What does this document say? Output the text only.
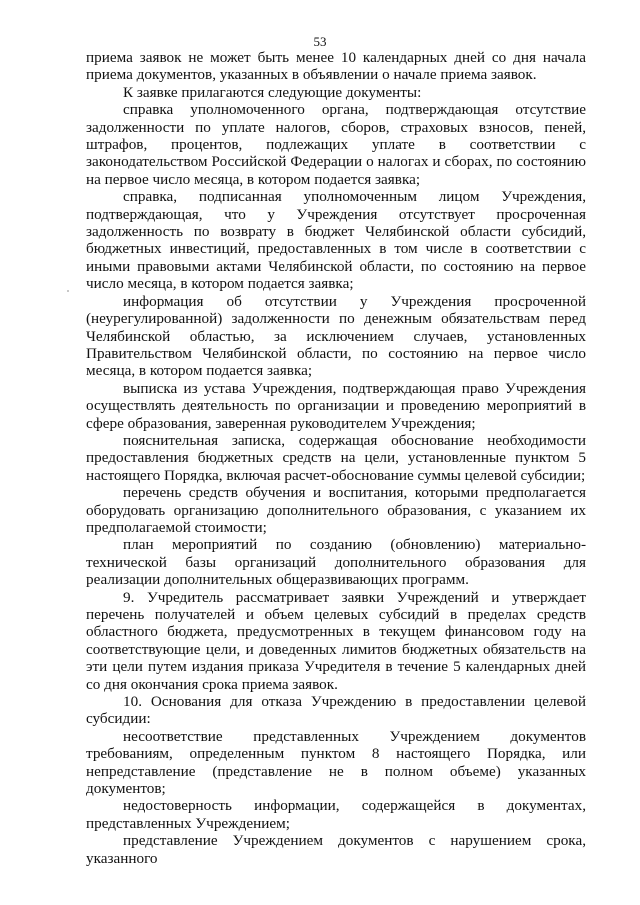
53

приема заявок не может быть менее 10 календарных дней со дня начала приема документов, указанных в объявлении о начале приема заявок.

К заявке прилагаются следующие документы:

справка уполномоченного органа, подтверждающая отсутствие задолженности по уплате налогов, сборов, страховых взносов, пеней, штрафов, процентов, подлежащих уплате в соответствии с законодательством Российской Федерации о налогах и сборах, по состоянию на первое число месяца, в котором подается заявка;

справка, подписанная уполномоченным лицом Учреждения, подтверждающая, что у Учреждения отсутствует просроченная задолженность по возврату в бюджет Челябинской области субсидий, бюджетных инвестиций, предоставленных в том числе в соответствии с иными правовыми актами Челябинской области, по состоянию на первое число месяца, в котором подается заявка;

информация об отсутствии у Учреждения просроченной (неурегулированной) задолженности по денежным обязательствам перед Челябинской областью, за исключением случаев, установленных Правительством Челябинской области, по состоянию на первое число месяца, в котором подается заявка;

выписка из устава Учреждения, подтверждающая право Учреждения осуществлять деятельность по организации и проведению мероприятий в сфере образования, заверенная руководителем Учреждения;

пояснительная записка, содержащая обоснование необходимости предоставления бюджетных средств на цели, установленные пунктом 5 настоящего Порядка, включая расчет-обоснование суммы целевой субсидии;

перечень средств обучения и воспитания, которыми предполагается оборудовать организацию дополнительного образования, с указанием их предполагаемой стоимости;

план мероприятий по созданию (обновлению) материально-технической базы организаций дополнительного образования для реализации дополнительных общеразвивающих программ.

9. Учредитель рассматривает заявки Учреждений и утверждает перечень получателей и объем целевых субсидий в пределах средств областного бюджета, предусмотренных в текущем финансовом году на соответствующие цели, и доведенных лимитов бюджетных обязательств на эти цели путем издания приказа Учредителя в течение 5 календарных дней со дня окончания срока приема заявок.

10. Основания для отказа Учреждению в предоставлении целевой субсидии:

несоответствие представленных Учреждением документов требованиям, определенным пунктом 8 настоящего Порядка, или непредставление (представление не в полном объеме) указанных документов;

недостоверность информации, содержащейся в документах, представленных Учреждением;

представление Учреждением документов с нарушением срока, указанного
